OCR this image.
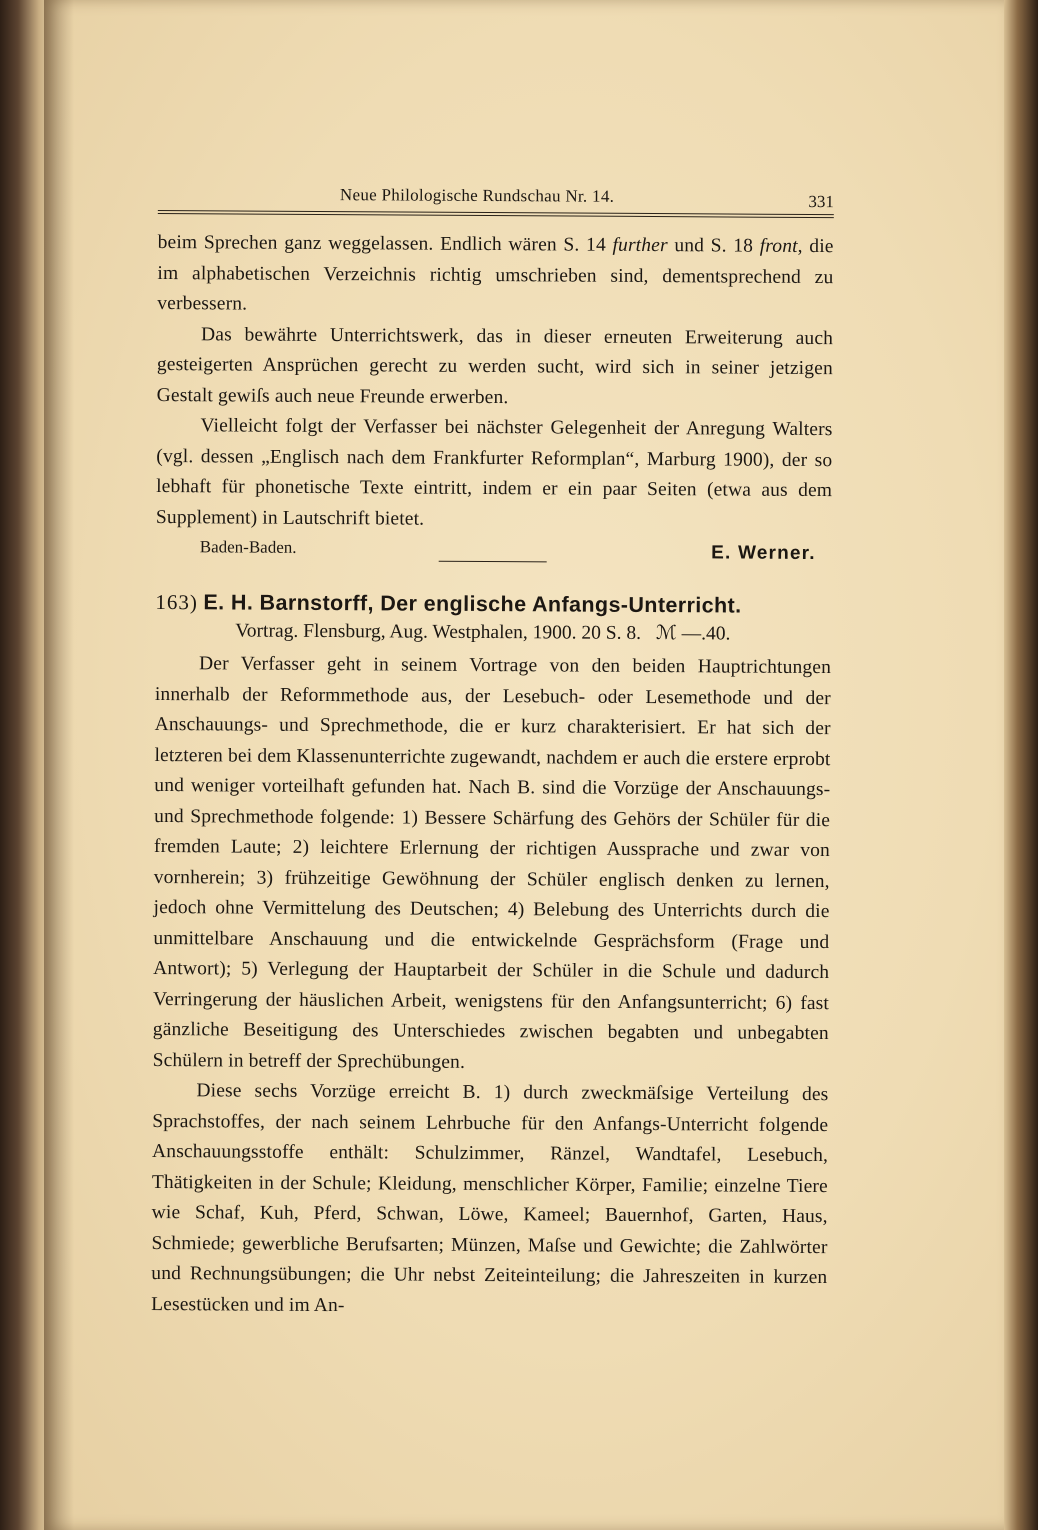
Neue Philologische Rundschau Nr. 14.	331

beim Sprechen ganz weggelassen. Endlich wären S. 14 further und S. 18 front, die im alphabetischen Verzeichnis richtig umschrieben sind, dementsprechend zu verbessern.

Das bewährte Unterrichtswerk, das in dieser erneuten Erweiterung auch gesteigerten Ansprüchen gerecht zu werden sucht, wird sich in seiner jetzigen Gestalt gewiſs auch neue Freunde erwerben.

Vielleicht folgt der Verfasser bei nächster Gelegenheit der Anregung Walters (vgl. dessen „Englisch nach dem Frankfurter Reformplan“, Marburg 1900), der so lebhaft für phonetische Texte eintritt, indem er ein paar Seiten (etwa aus dem Supplement) in Lautschrift bietet.

Baden-Baden.	E. Werner.
163) E. H. Barnstorff, Der englische Anfangs-Unterricht.
Vortrag. Flensburg, Aug. Westphalen, 1900. 20 S. 8. ℳ —.40.

Der Verfasser geht in seinem Vortrage von den beiden Hauptrichtungen innerhalb der Reformmethode aus, der Lesebuch- oder Lesemethode und der Anschauungs- und Sprechmethode, die er kurz charakterisiert. Er hat sich der letzteren bei dem Klassenunterrichte zugewandt, nachdem er auch die erstere erprobt und weniger vorteilhaft gefunden hat. Nach B. sind die Vorzüge der Anschauungs- und Sprechmethode folgende: 1) Bessere Schärfung des Gehörs der Schüler für die fremden Laute; 2) leichtere Erlernung der richtigen Aussprache und zwar von vornherein; 3) frühzeitige Gewöhnung der Schüler englisch denken zu lernen, jedoch ohne Vermittelung des Deutschen; 4) Belebung des Unterrichts durch die unmittelbare Anschauung und die entwickelnde Gesprächsform (Frage und Antwort); 5) Verlegung der Hauptarbeit der Schüler in die Schule und dadurch Verringerung der häuslichen Arbeit, wenigstens für den Anfangsunterricht; 6) fast gänzliche Beseitigung des Unterschiedes zwischen begabten und unbegabten Schülern in betreff der Sprechübungen.

Diese sechs Vorzüge erreicht B. 1) durch zweckmäſsige Verteilung des Sprachstoffes, der nach seinem Lehrbuche für den Anfangs-Unterricht folgende Anschauungsstoffe enthält: Schulzimmer, Ränzel, Wandtafel, Lesebuch, Thätigkeiten in der Schule; Kleidung, menschlicher Körper, Familie; einzelne Tiere wie Schaf, Kuh, Pferd, Schwan, Löwe, Kameel; Bauernhof, Garten, Haus, Schmiede; gewerbliche Berufsarten; Münzen, Maſse und Gewichte; die Zahlwörter und Rechnungsübungen; die Uhr nebst Zeiteinteilung; die Jahreszeiten in kurzen Lesestücken und im An-
